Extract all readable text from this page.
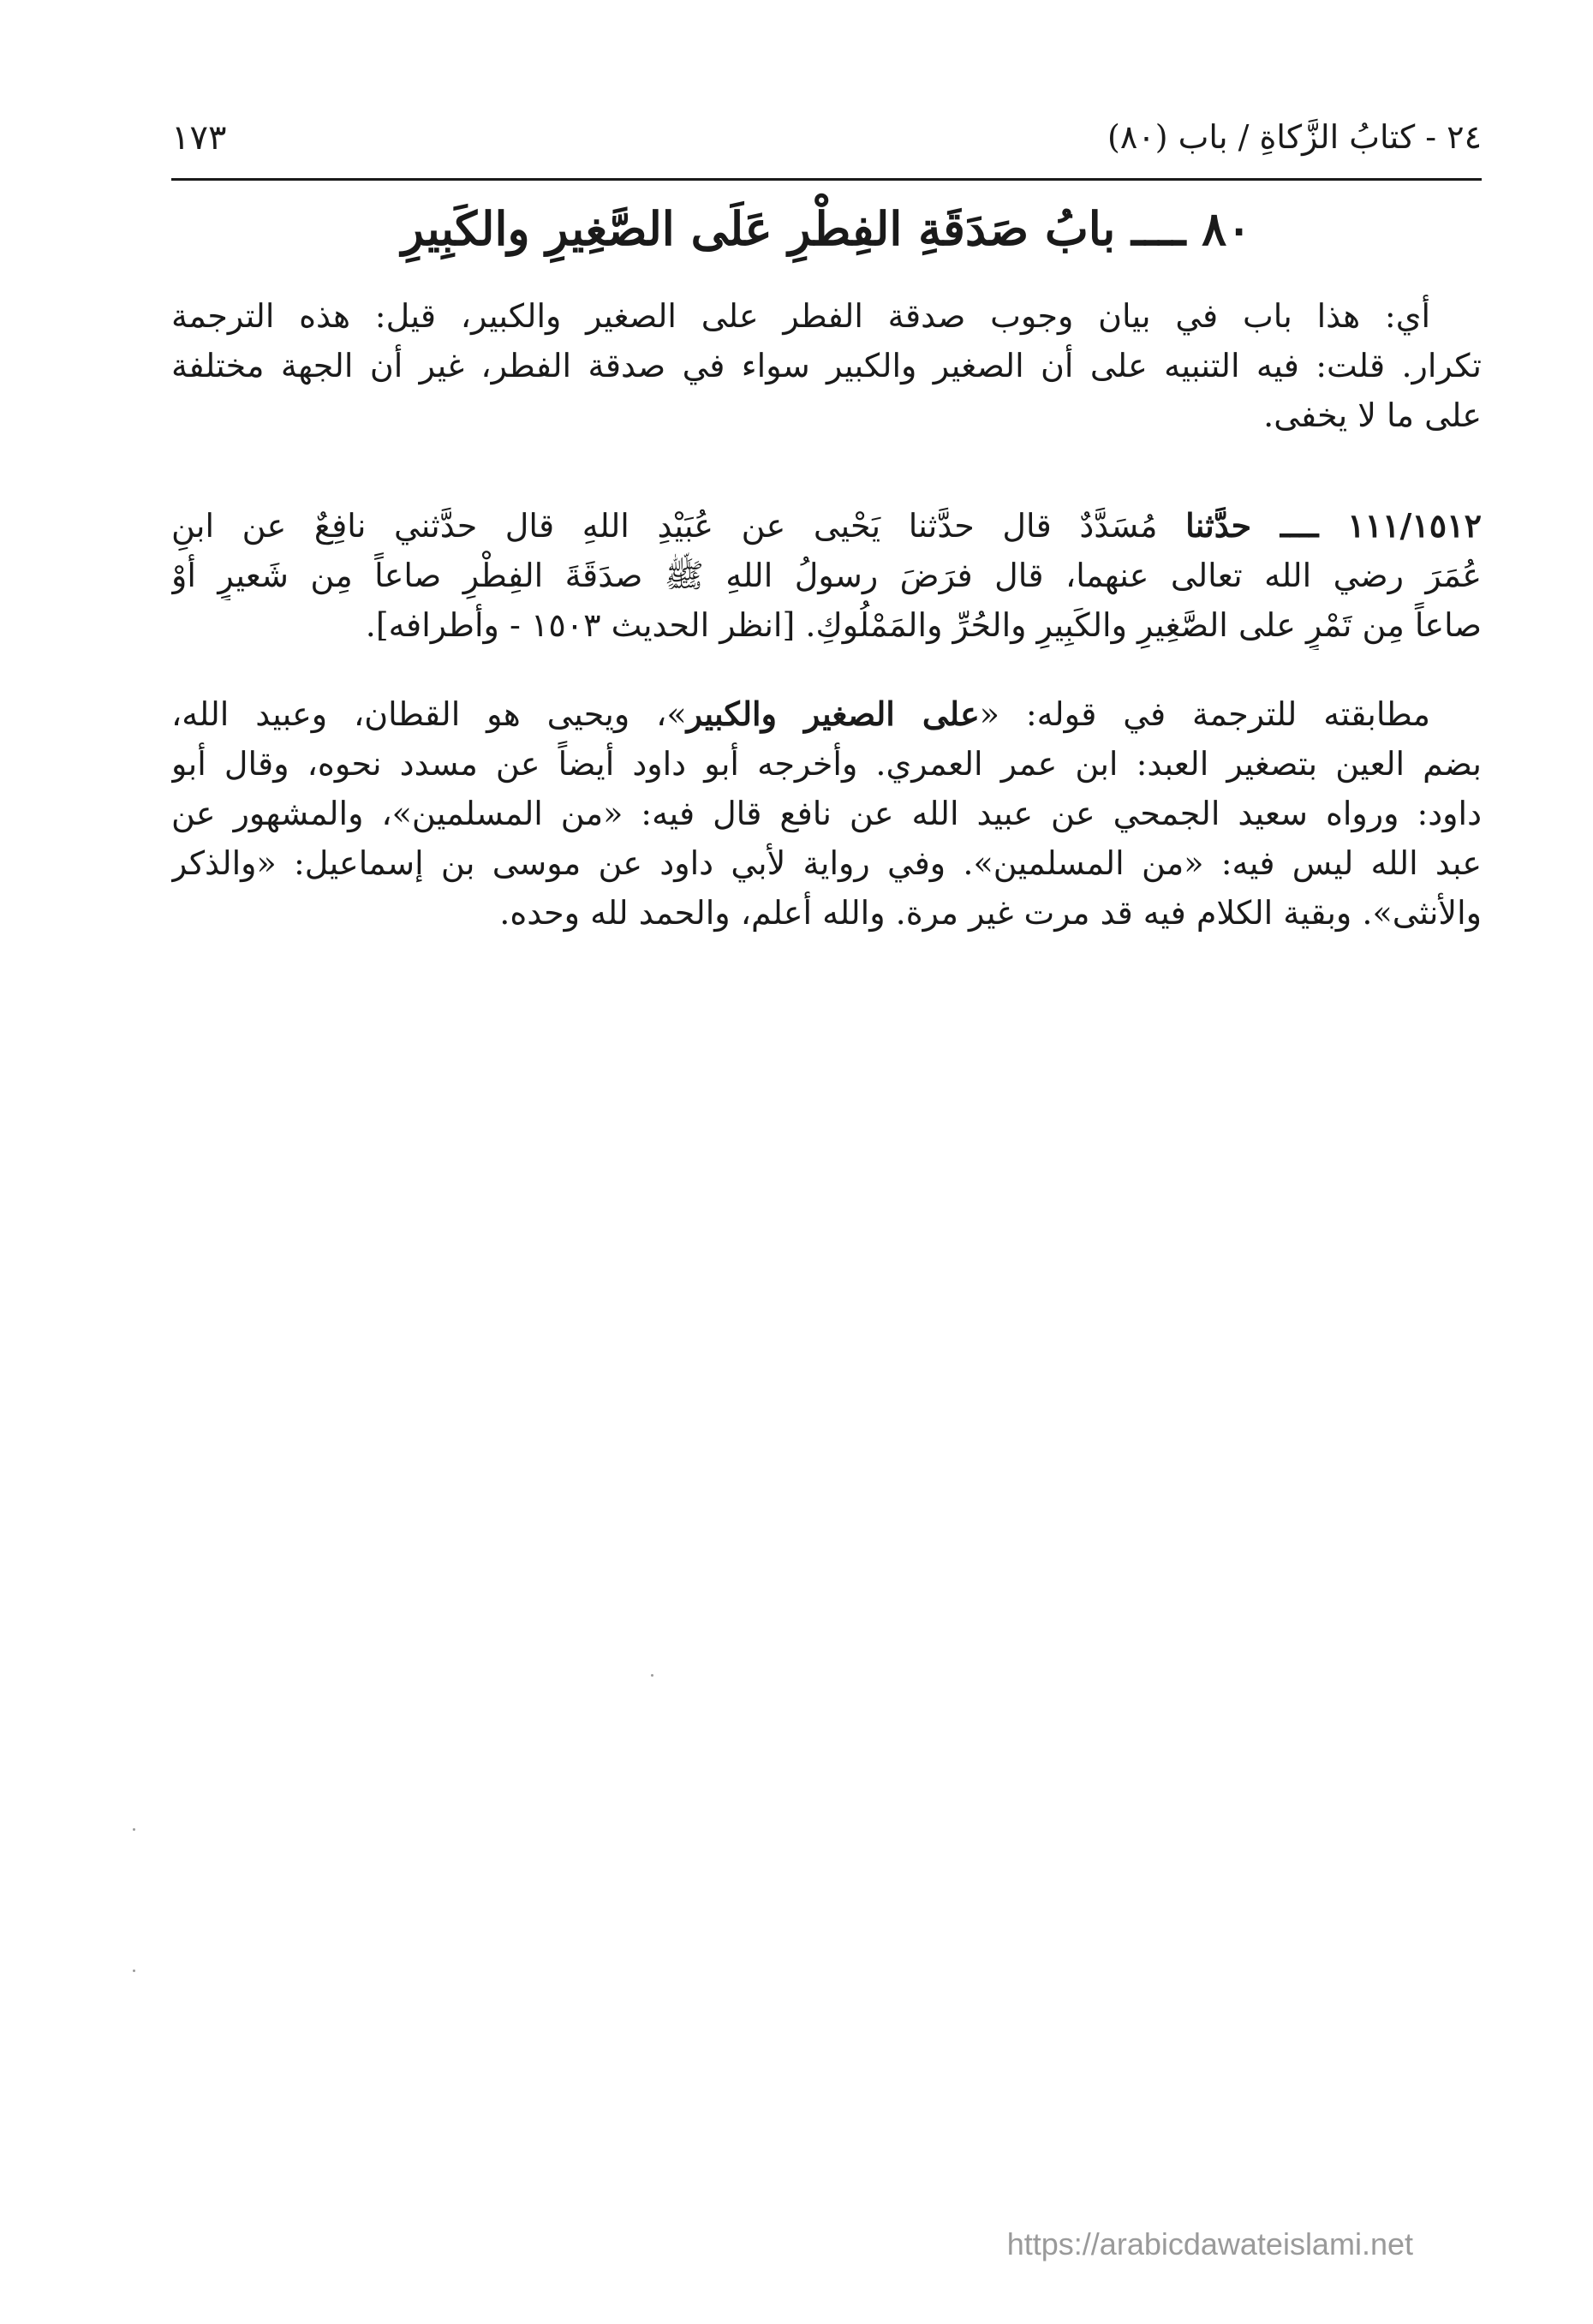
٢٤ - كتابُ الزَّكاةِ / باب (٨٠)
١٧٣
٨٠ ــــ بابُ صَدَقَةِ الفِطْرِ عَلَى الصَّغِيرِ والكَبِيرِ
أي: هذا باب في بيان وجوب صدقة الفطر على الصغير والكبير، قيل: هذه الترجمة
تكرار. قلت: فيه التنبيه على أن الصغير والكبير سواء في صدقة الفطر، غير أن الجهة مختلفة
على ما لا يخفى.
١١١/١٥١٢ ــــ حدَّثنا مُسَدَّدٌ قال حدَّثنا يَحْيى عن عُبَيْدِ اللهِ قال حدَّثني نافِعٌ عن ابنِ
عُمَرَ رضي الله تعالى عنهما، قال فرَضَ رسولُ اللهِ ﷺ صدَقَةَ الفِطْرِ صاعاً مِن شَعيرٍ أوْ
صاعاً مِن تَمْرٍ على الصَّغِيرِ والكَبِيرِ والحُرِّ والمَمْلُوكِ. [انظر الحديث ١٥٠٣ - وأطرافه].
مطابقته للترجمة في قوله: «على الصغير والكبير»، ويحيى هو القطان، وعبيد الله،
بضم العين بتصغير العبد: ابن عمر العمري. وأخرجه أبو داود أيضاً عن مسدد نحوه، وقال أبو
داود: ورواه سعيد الجمحي عن عبيد الله عن نافع قال فيه: «من المسلمين»، والمشهور عن
عبد الله ليس فيه: «من المسلمين». وفي رواية لأبي داود عن موسى بن إسماعيل: «والذكر
والأنثى». وبقية الكلام فيه قد مرت غير مرة. والله أعلم، والحمد لله وحده.
https://arabicdawateislami.net
